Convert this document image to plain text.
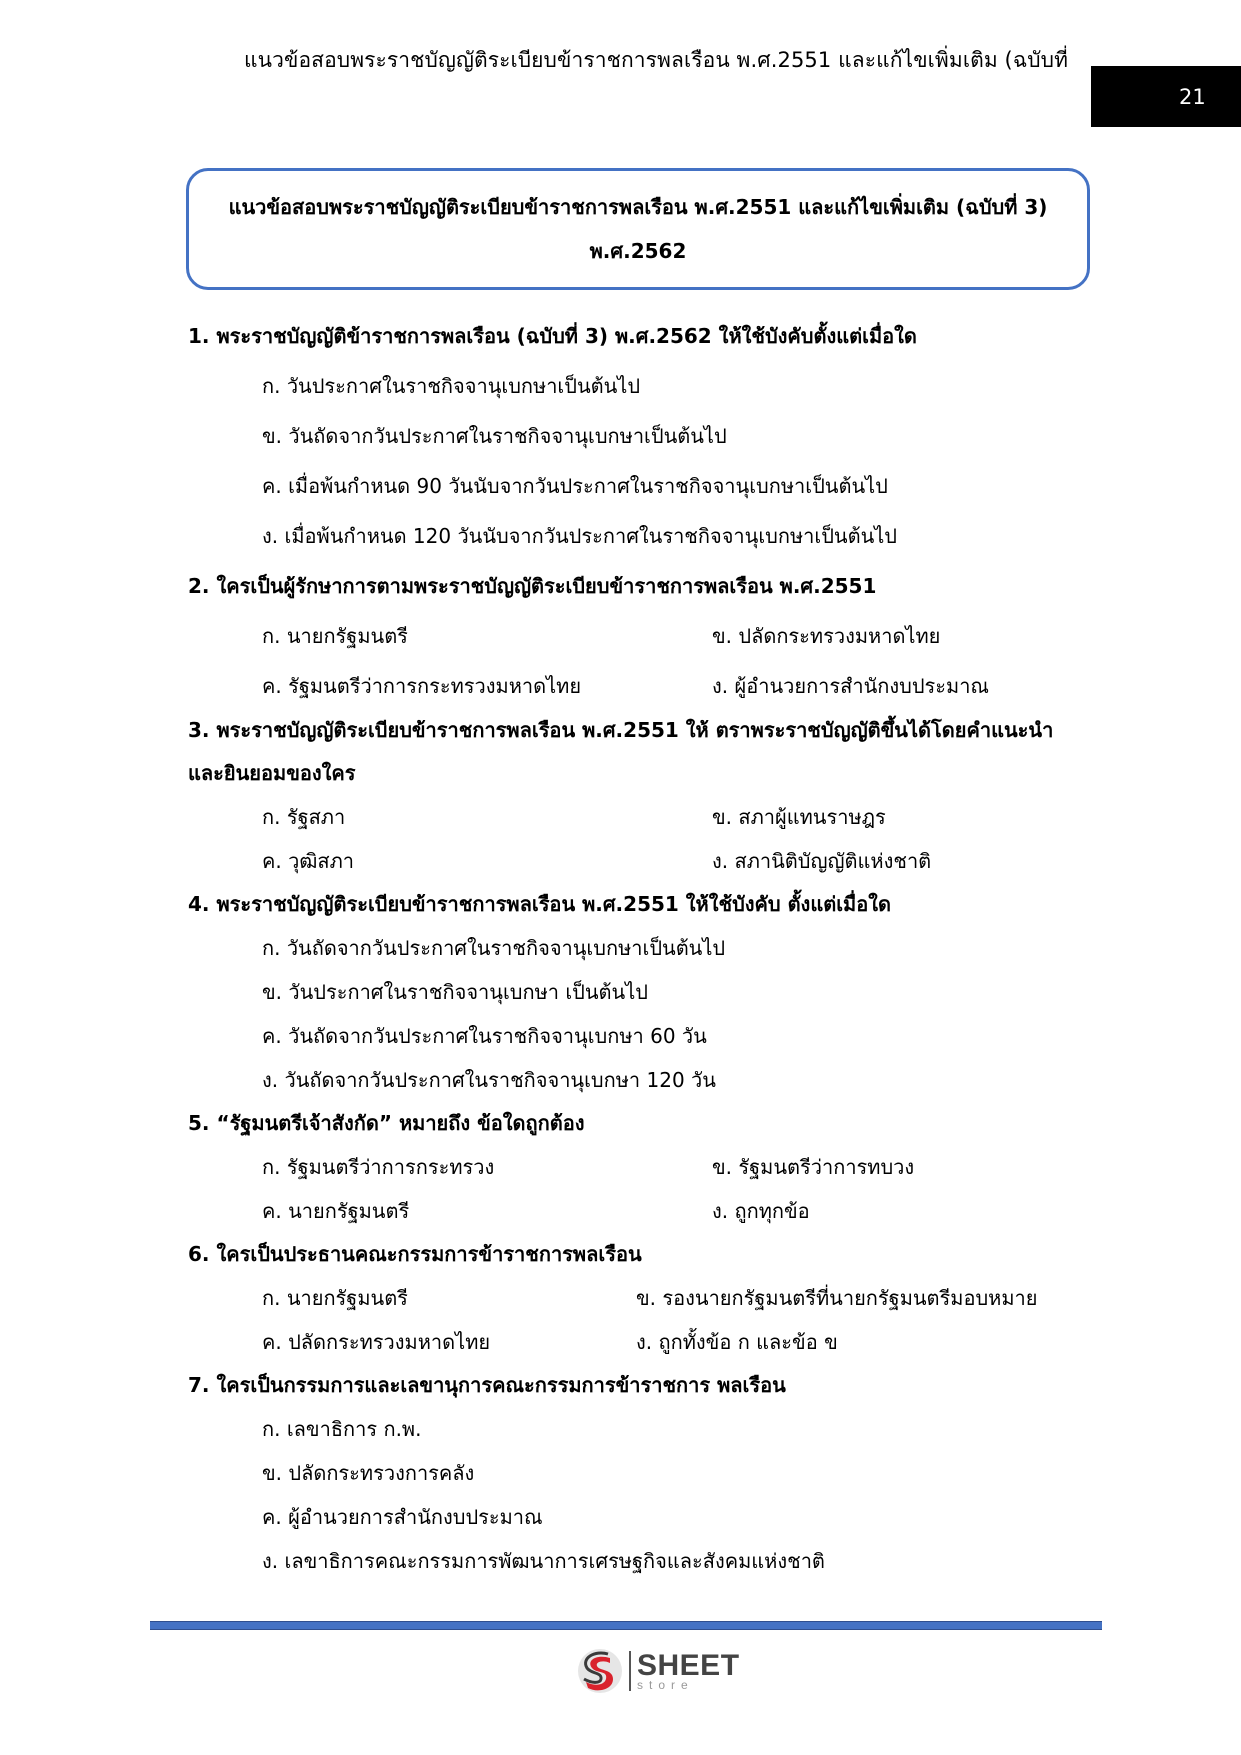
แนวข้อสอบพระราชบัญญัติระเบียบข้าราชการพลเรือน พ.ศ.2551 และแก้ไขเพิ่มเติม (ฉบับที่
21
แนวข้อสอบพระราชบัญญัติระเบียบข้าราชการพลเรือน พ.ศ.2551 และแก้ไขเพิ่มเติม (ฉบับที่ 3)
พ.ศ.2562
1. พระราชบัญญัติข้าราชการพลเรือน (ฉบับที่ 3) พ.ศ.2562 ให้ใช้บังคับตั้งแต่เมื่อใด
ก. วันประกาศในราชกิจจานุเบกษาเป็นต้นไป
ข. วันถัดจากวันประกาศในราชกิจจานุเบกษาเป็นต้นไป
ค. เมื่อพ้นกำหนด 90 วันนับจากวันประกาศในราชกิจจานุเบกษาเป็นต้นไป
ง. เมื่อพ้นกำหนด 120 วันนับจากวันประกาศในราชกิจจานุเบกษาเป็นต้นไป
2. ใครเป็นผู้รักษาการตามพระราชบัญญัติระเบียบข้าราชการพลเรือน พ.ศ.2551
ก. นายกรัฐมนตรี	ข. ปลัดกระทรวงมหาดไทย
ค. รัฐมนตรีว่าการกระทรวงมหาดไทย	ง. ผู้อำนวยการสำนักงบประมาณ
3. พระราชบัญญัติระเบียบข้าราชการพลเรือน พ.ศ.2551 ให้ ตราพระราชบัญญัติขึ้นได้โดยคำแนะนำ
และยินยอมของใคร
ก. รัฐสภา	ข. สภาผู้แทนราษฎร
ค. วุฒิสภา	ง. สภานิติบัญญัติแห่งชาติ
4. พระราชบัญญัติระเบียบข้าราชการพลเรือน พ.ศ.2551 ให้ใช้บังคับ ตั้งแต่เมื่อใด
ก. วันถัดจากวันประกาศในราชกิจจานุเบกษาเป็นต้นไป
ข. วันประกาศในราชกิจจานุเบกษา เป็นต้นไป
ค. วันถัดจากวันประกาศในราชกิจจานุเบกษา 60 วัน
ง. วันถัดจากวันประกาศในราชกิจจานุเบกษา 120 วัน
5. “รัฐมนตรีเจ้าสังกัด” หมายถึง ข้อใดถูกต้อง
ก. รัฐมนตรีว่าการกระทรวง	ข. รัฐมนตรีว่าการทบวง
ค. นายกรัฐมนตรี	ง. ถูกทุกข้อ
6. ใครเป็นประธานคณะกรรมการข้าราชการพลเรือน
ก. นายกรัฐมนตรี	ข. รองนายกรัฐมนตรีที่นายกรัฐมนตรีมอบหมาย
ค. ปลัดกระทรวงมหาดไทย	ง. ถูกทั้งข้อ ก และข้อ ข
7. ใครเป็นกรรมการและเลขานุการคณะกรรมการข้าราชการ พลเรือน
ก. เลขาธิการ ก.พ.
ข. ปลัดกระทรวงการคลัง
ค. ผู้อำนวยการสำนักงบประมาณ
ง. เลขาธิการคณะกรรมการพัฒนาการเศรษฐกิจและสังคมแห่งชาติ
SHEET
store
